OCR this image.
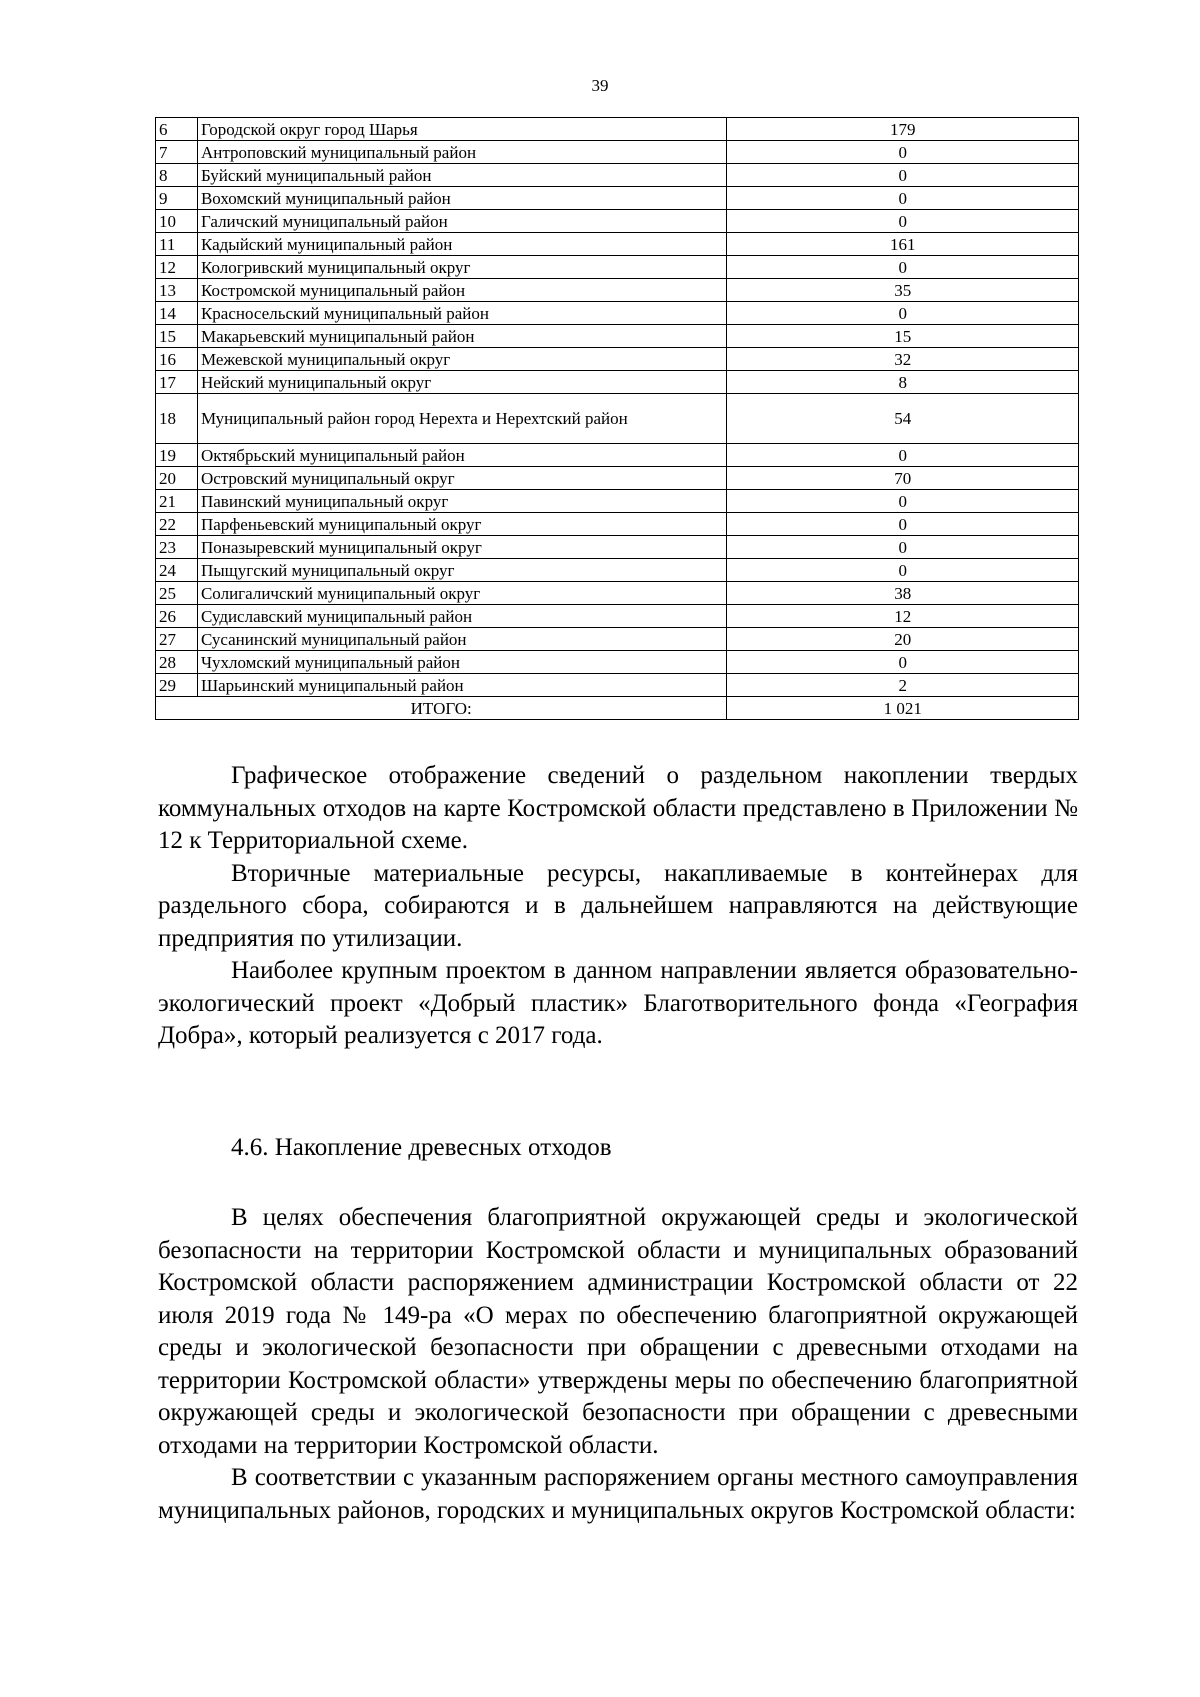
39
6	Городской округ город Шарья	179
7	Антроповский муниципальный район	0
8	Буйский муниципальный район	0
9	Вохомский муниципальный район	0
10	Галичский муниципальный район	0
11	Кадыйский муниципальный район	161
12	Кологривский муниципальный округ	0
13	Костромской муниципальный район	35
14	Красносельский муниципальный район	0
15	Макарьевский муниципальный район	15
16	Межевской муниципальный округ	32
17	Нейский муниципальный округ	8
18	Муниципальный район город Нерехта и Нерехтский район	54
19	Октябрьский муниципальный район	0
20	Островский муниципальный округ	70
21	Павинский муниципальный округ	0
22	Парфеньевский муниципальный округ	0
23	Поназыревский муниципальный округ	0
24	Пыщугский муниципальный округ	0
25	Солигаличский муниципальный округ	38
26	Судиславский муниципальный район	12
27	Сусанинский муниципальный район	20
28	Чухломский муниципальный район	0
29	Шарьинский муниципальный район	2
ИТОГО:		1 021

Графическое отображение сведений о раздельном накоплении твердых коммунальных отходов на карте Костромской области представлено в Приложении № 12 к Территориальной схеме.

Вторичные материальные ресурсы, накапливаемые в контейнерах для раздельного сбора, собираются и в дальнейшем направляются на действующие предприятия по утилизации.

Наиболее крупным проектом в данном направлении является образовательно-экологический проект «Добрый пластик» Благотворительного фонда «География Добра», который реализуется с 2017 года.

4.6. Накопление древесных отходов

В целях обеспечения благоприятной окружающей среды и экологической безопасности на территории Костромской области и муниципальных образований Костромской области распоряжением администрации Костромской области от 22 июля 2019 года № 149-ра «О мерах по обеспечению благоприятной окружающей среды и экологической безопасности при обращении с древесными отходами на территории Костромской области» утверждены меры по обеспечению благоприятной окружающей среды и экологической безопасности при обращении с древесными отходами на территории Костромской области.

В соответствии с указанным распоряжением органы местного самоуправления муниципальных районов, городских и муниципальных округов Костромской области:
